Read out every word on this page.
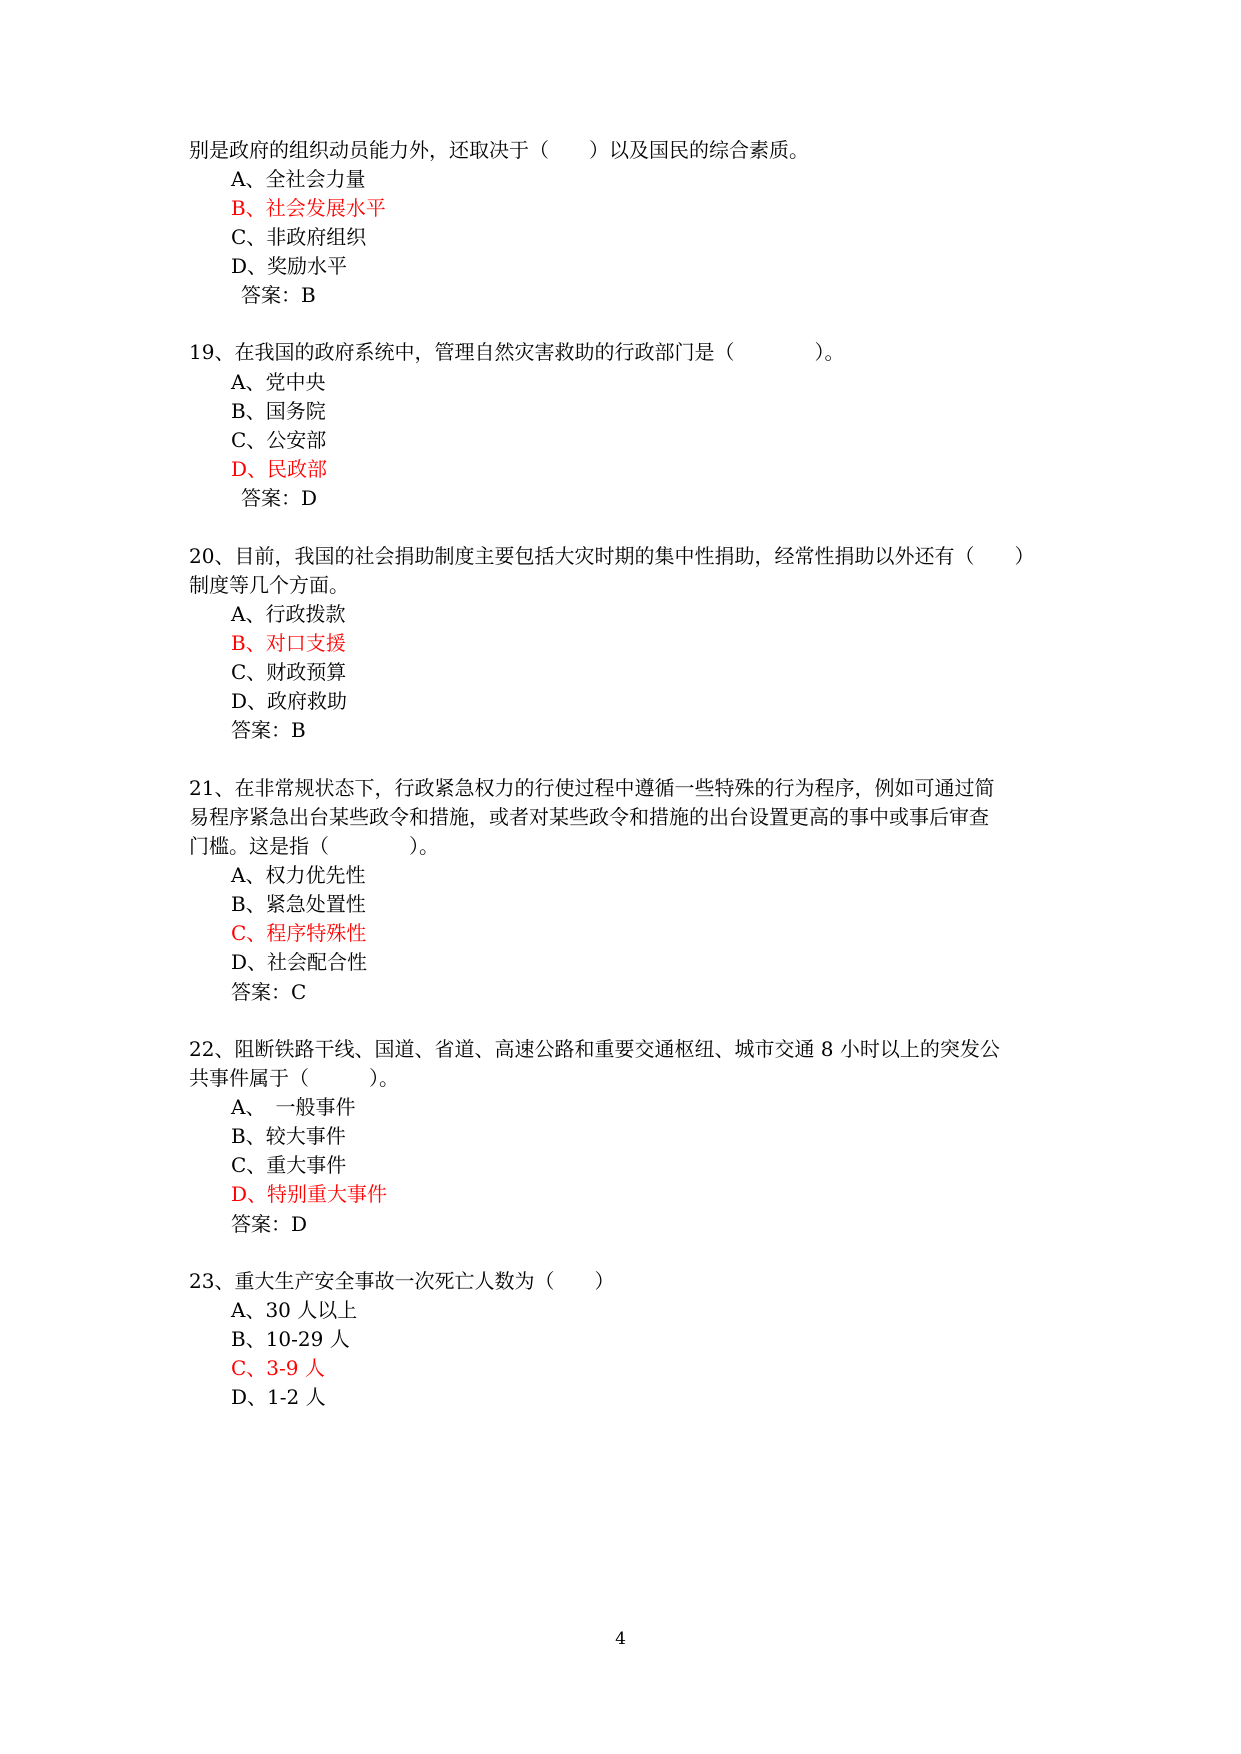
别是政府的组织动员能力外，还取决于（　　）以及国民的综合素质。
A、全社会力量
B、社会发展水平
C、非政府组织
D、奖励水平
答案：B
19、在我国的政府系统中，管理自然灾害救助的行政部门是（　　　　）。
A、党中央
B、国务院
C、公安部
D、民政部
答案：D
20、目前，我国的社会捐助制度主要包括大灾时期的集中性捐助，经常性捐助以外还有（　　）
制度等几个方面。
A、行政拨款
B、对口支援
C、财政预算
D、政府救助
答案：B
21、在非常规状态下，行政紧急权力的行使过程中遵循一些特殊的行为程序，例如可通过简
易程序紧急出台某些政令和措施，或者对某些政令和措施的出台设置更高的事中或事后审查
门槛。这是指（　　　　）。
A、权力优先性
B、紧急处置性
C、程序特殊性
D、社会配合性
答案：C
22、阻断铁路干线、国道、省道、高速公路和重要交通枢纽、城市交通 8 小时以上的突发公
共事件属于（　　　）。
A、　一般事件
B、较大事件
C、重大事件
D、特别重大事件
答案：D
23、重大生产安全事故一次死亡人数为（　　）
A、30 人以上
B、10-29 人
C、3-9 人
D、1-2 人
4
